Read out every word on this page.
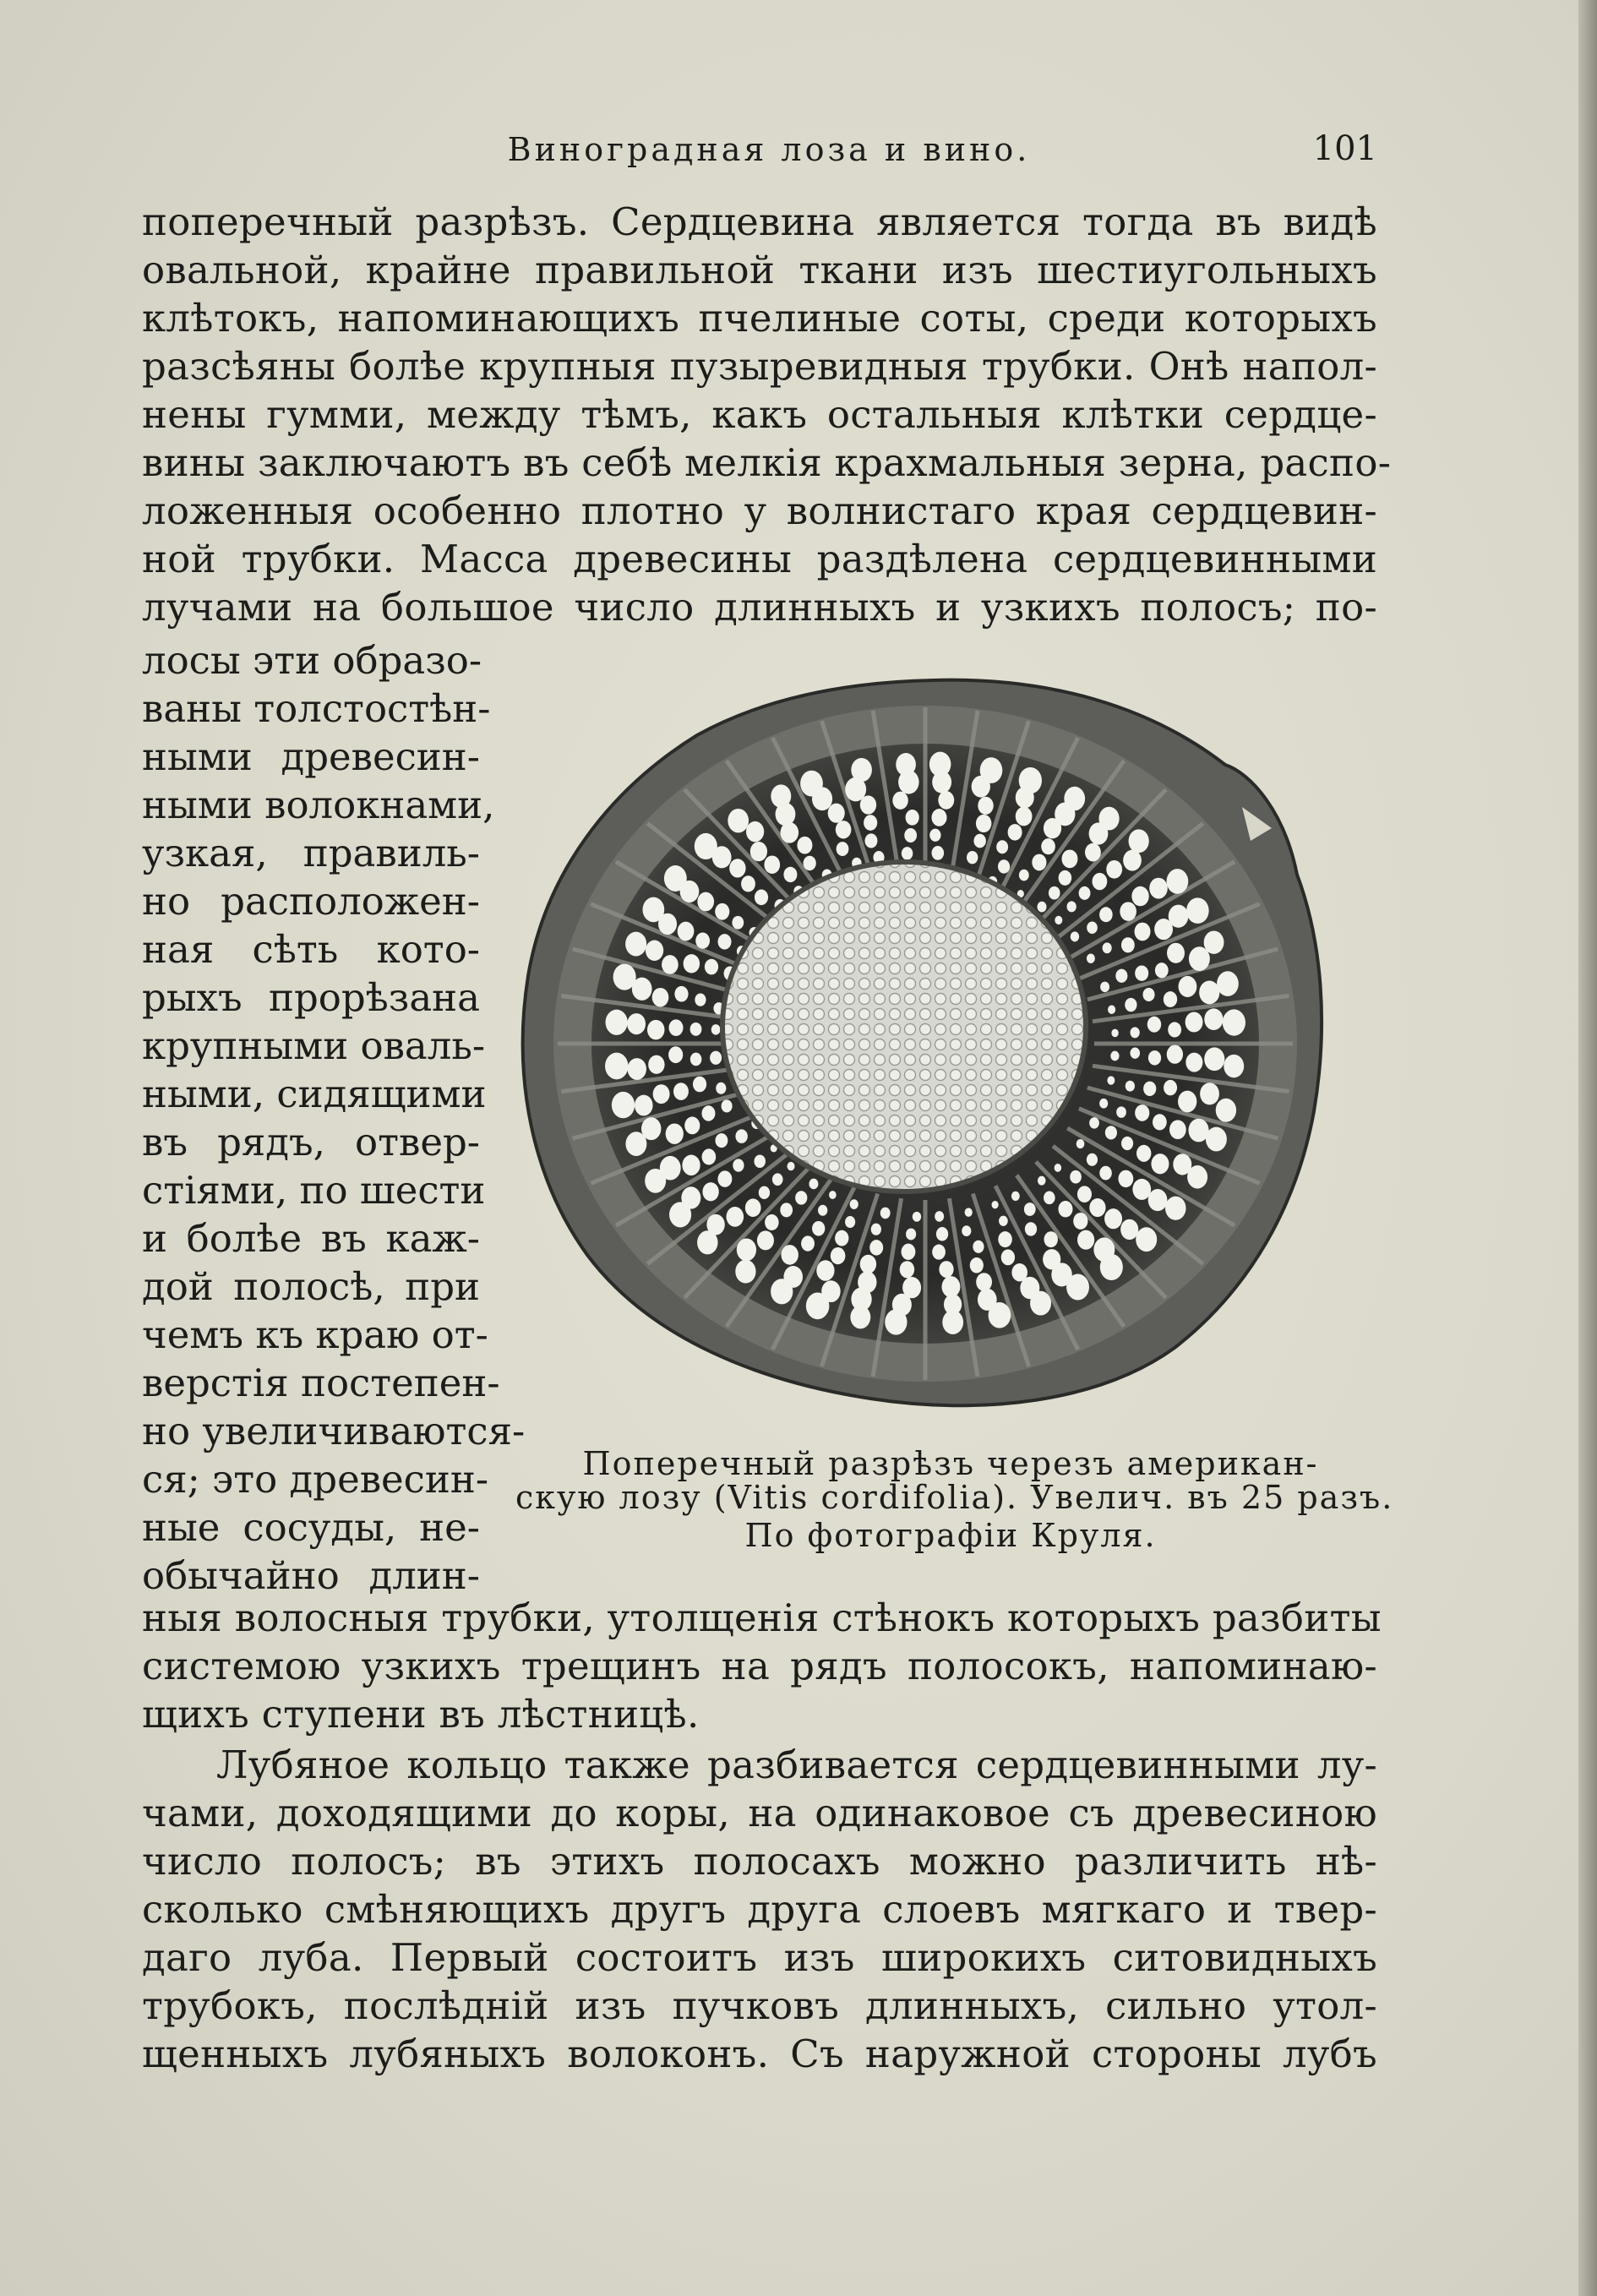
Виноградная лоза и вино.	101
поперечный разрѣзъ. Сердцевина является тогда въ видѣ
овальной, крайне правильной ткани изъ шестиугольныхъ
клѣтокъ, напоминающихъ пчелиные соты, среди которыхъ
разсѣяны болѣе крупныя пузыревидныя трубки. Онѣ напол-
нены гумми, между тѣмъ, какъ остальныя клѣтки сердце-
вины заключаютъ въ себѣ мелкія крахмальныя зерна, распо-
ложенныя особенно плотно у волнистаго края сердцевин-
ной трубки. Масса древесины раздѣлена сердцевинными
лучами на большое число длинныхъ и узкихъ полосъ; по-
лосы эти образо-
ваны толстостѣн-
ными древесин-
ными волокнами,
узкая, правиль-
но расположен-
ная сѣть кото-
рыхъ прорѣзана
крупными оваль-
ными, сидящими
въ рядъ, отвер-
стіями, по шести
и болѣе въ каж-
дой полосѣ, при
чемъ къ краю от-
верстія постепен-
но увеличиваются-
ся; это древесин-
ные сосуды, не-
обычайно длин-
Поперечный разрѣзъ черезъ американ-
скую лозу (Vitis cordifolia). Увелич. въ 25 разъ.
По фотографіи Круля.
ныя волосныя трубки, утолщенія стѣнокъ которыхъ разбиты
системою узкихъ трещинъ на рядъ полосокъ, напоминаю-
щихъ ступени въ лѣстницѣ.
Лубяное кольцо также разбивается сердцевинными лу-
чами, доходящими до коры, на одинаковое съ древесиною
число полосъ; въ этихъ полосахъ можно различить нѣ-
сколько смѣняющихъ другъ друга слоевъ мягкаго и твер-
даго луба. Первый состоитъ изъ широкихъ ситовидныхъ
трубокъ, послѣдній изъ пучковъ длинныхъ, сильно утол-
щенныхъ лубяныхъ волоконъ. Съ наружной стороны лубъ
